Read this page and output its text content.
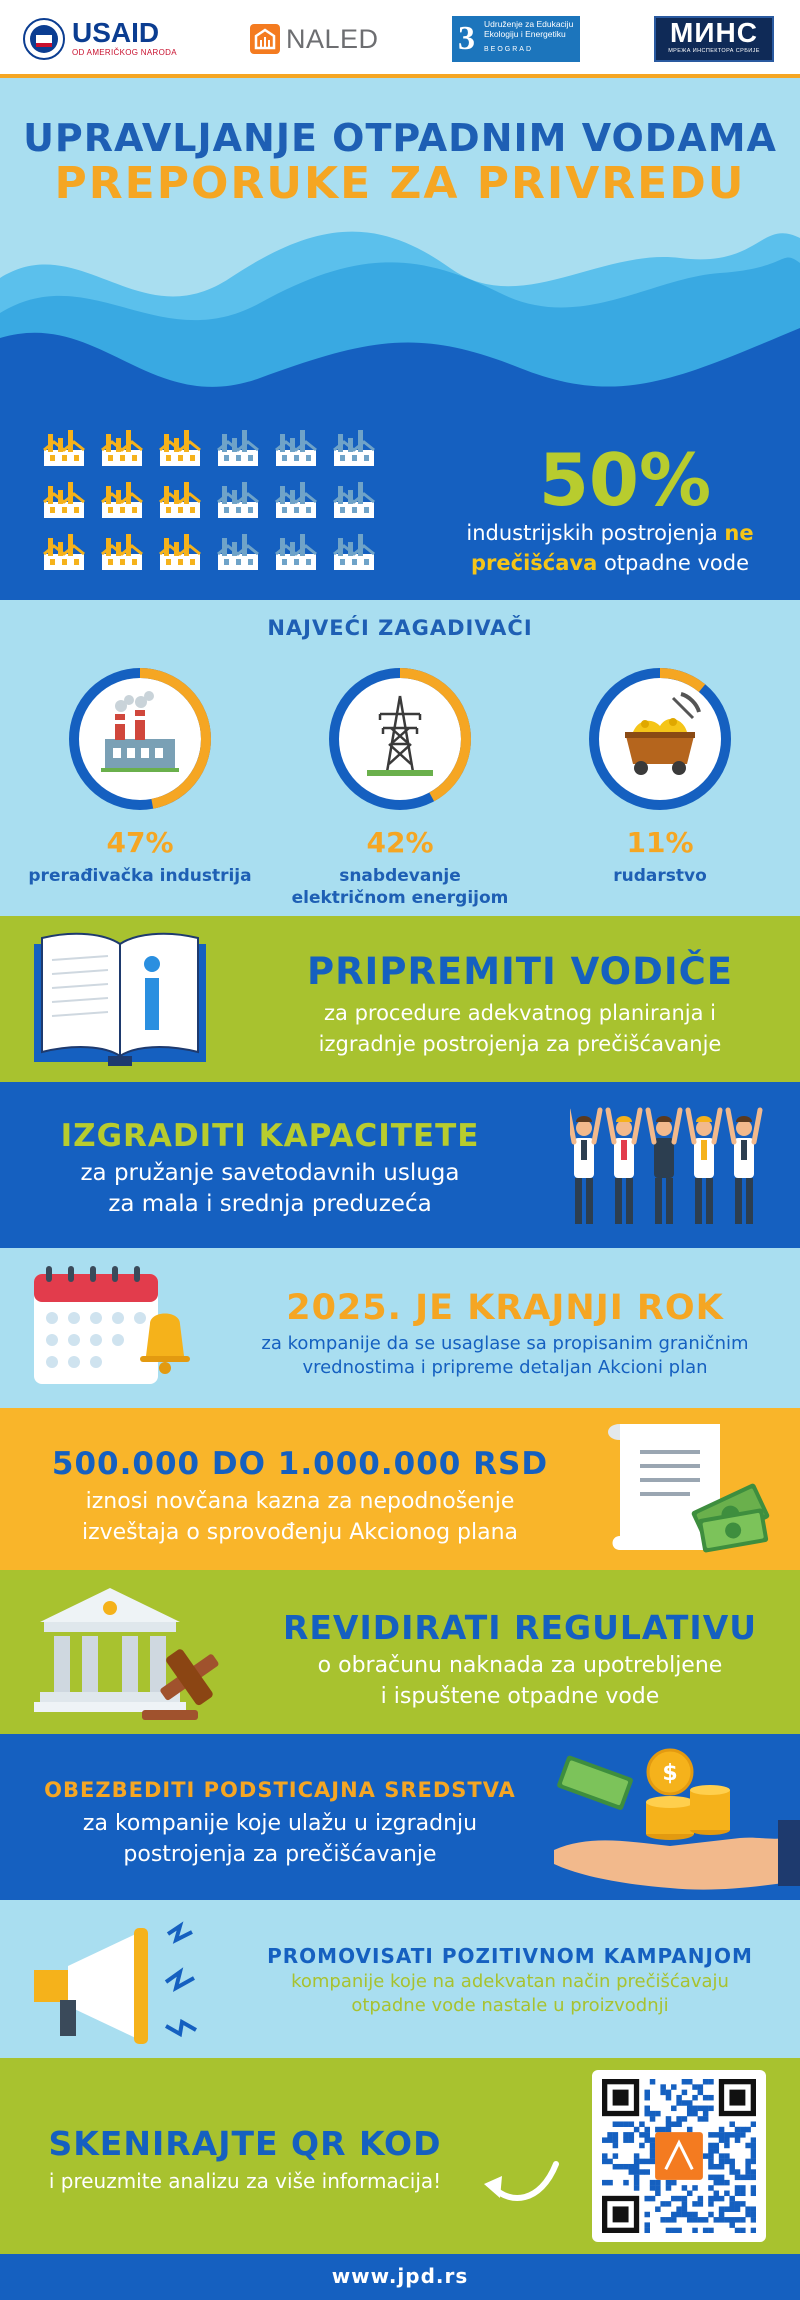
USAID
OD AMERIČKOG NARODA	NALED 3 Udruženje za Edukaciju
Ekologiju i Energetiku
BEOGRAD
МИНС
МРЕЖА ИНСПЕКТОРА СРБИЈЕ
UPRAVLJANJE OTPADNIM VODAMA
PREPORUKE ZA PRIVREDU
50%
industrijskih postrojenja ne
prečišćava otpadne vode
NAJVEĆI ZAGADIVAČI
47%
prerađivačka industrija
42%
snabdevanje
električnom energijom
11%
rudarstvo
PRIPREMITI VODIČE
za procedure adekvatnog planiranja i
izgradnje postrojenja za prečišćavanje
IZGRADITI KAPACITETE
za pružanje savetodavnih usluga
za mala i srednja preduzeća
2025. JE KRAJNJI ROK
za kompanije da se usaglase sa propisanim graničnim
vrednostima i pripreme detaljan Akcioni plan
500.000 DO 1.000.000 RSD
iznosi novčana kazna za nepodnošenje
izveštaja o sprovođenju Akcionog plana
REVIDIRATI REGULATIVU
o obračunu naknada za upotrebljene
i ispuštene otpadne vode
OBEZBEDITI PODSTICAJNA SREDSTVA
za kompanije koje ulažu u izgradnju
postrojenja za prečišćavanje
$
PROMOVISATI POZITIVNOM KAMPANJOM
kompanije koje na adekvatan način prečišćavaju
otpadne vode nastale u proizvodnji
SKENIRAJTE QR KOD
i preuzmite analizu za više informacija!
www.jpd.rs
